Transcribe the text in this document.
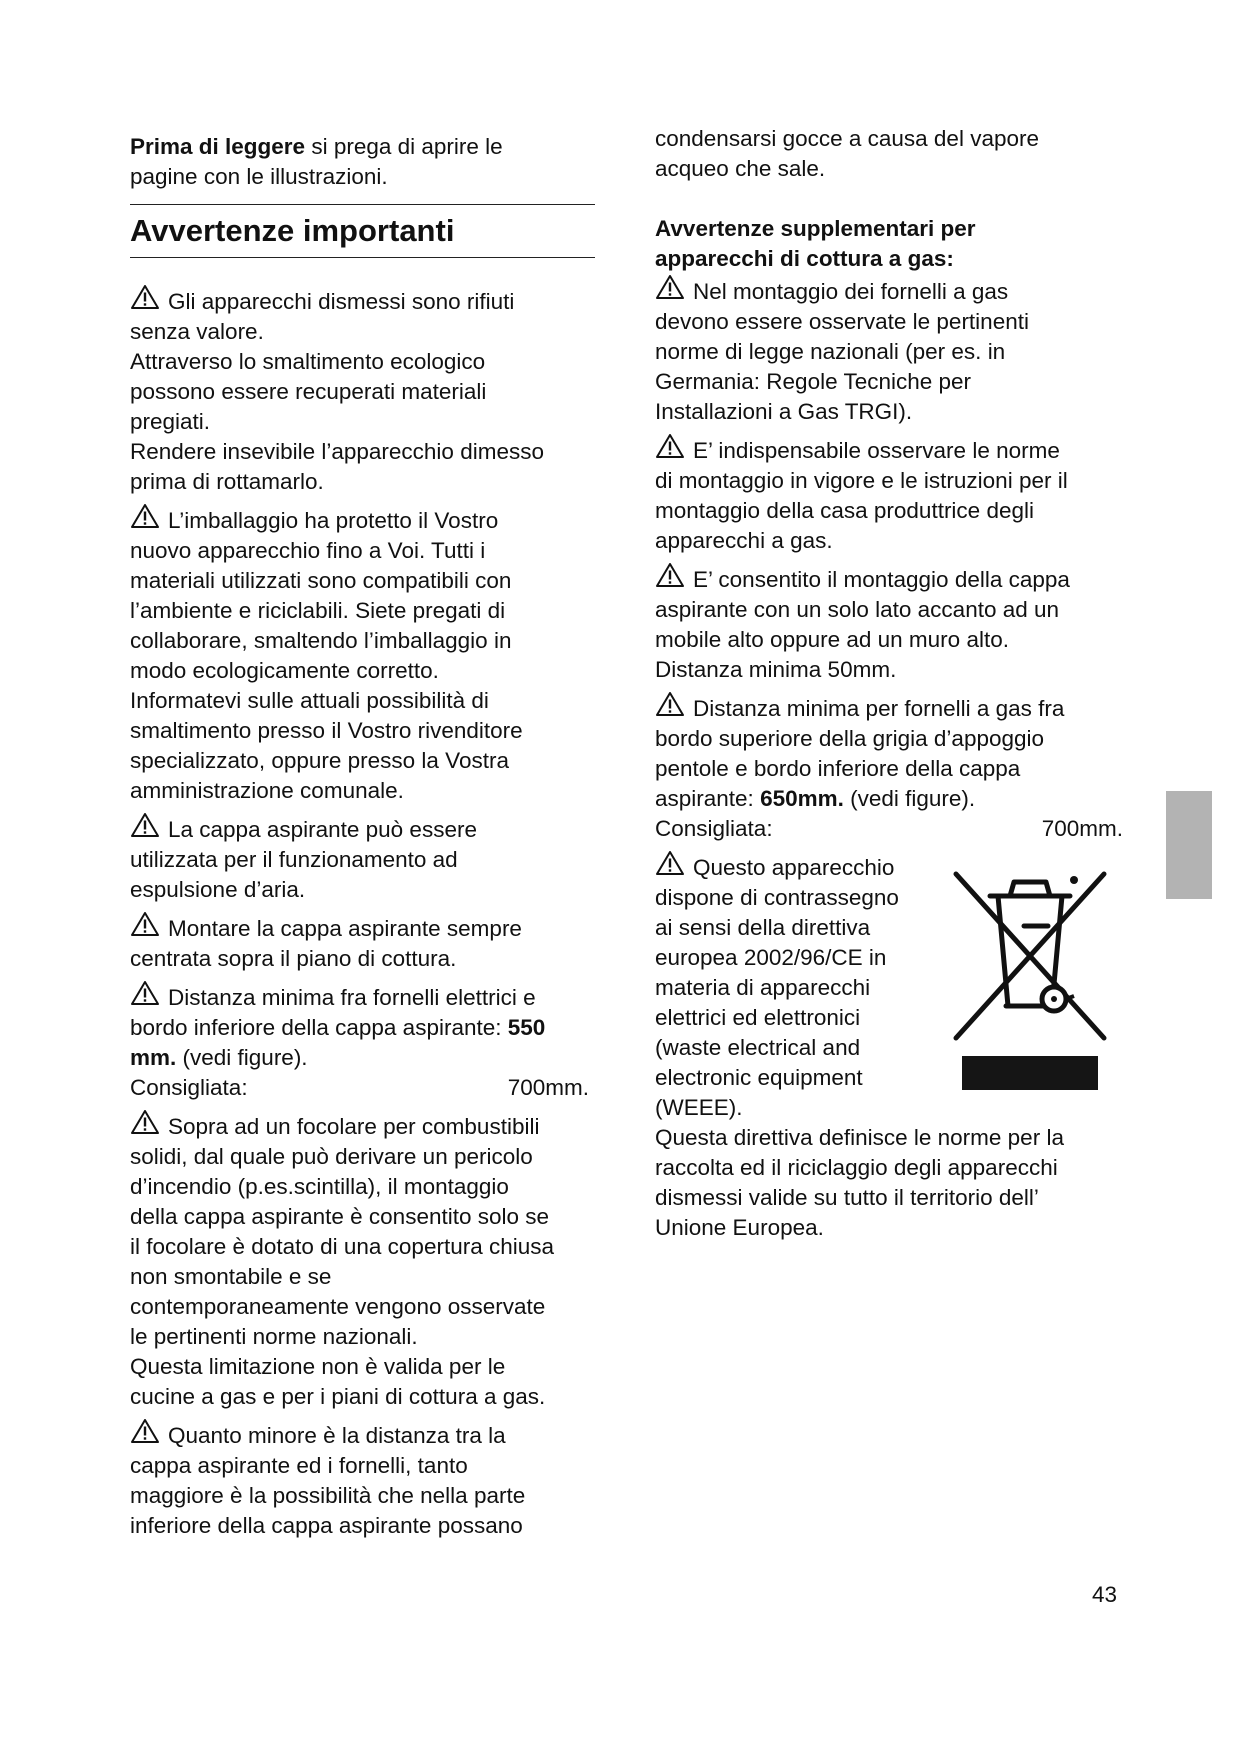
Prima di leggere si prega di aprire le

pagine con le illustrazioni.

Avvertenze importanti

Gli apparecchi dismessi sono rifiuti

senza valore.

Attraverso lo smaltimento ecologico

possono essere recuperati materiali

pregiati.

Rendere insevibile l’apparecchio dimesso

prima di rottamarlo.

L’imballaggio ha protetto il Vostro

nuovo apparecchio fino a Voi. Tutti i

materiali utilizzati sono compatibili con

l’ambiente e riciclabili. Siete pregati di

collaborare, smaltendo l’imballaggio in

modo ecologicamente corretto.

Informatevi sulle attuali possibilità di

smaltimento presso il Vostro rivenditore

specializzato, oppure presso la Vostra

amministrazione comunale.

La cappa aspirante può essere

utilizzata per il funzionamento ad

espulsione d’aria.

Montare la cappa aspirante sempre

centrata sopra il piano di cottura.

Distanza minima fra fornelli elettrici e

bordo inferiore della cappa aspirante: 550

mm. (vedi figure).

Consigliata:	700mm.

Sopra ad un focolare per combustibili

solidi, dal quale può derivare un pericolo

d’incendio (p.es.scintilla), il montaggio

della cappa aspirante è consentito solo se

il focolare è dotato di una copertura chiusa

non smontabile e se

contemporaneamente vengono osservate

le pertinenti norme nazionali.

Questa limitazione non è valida per le

cucine a gas e per i piani di cottura a gas.

Quanto minore è la distanza tra la

cappa aspirante ed i fornelli, tanto

maggiore è la possibilità che nella parte

inferiore della cappa aspirante possano

condensarsi gocce a causa del vapore

acqueo che sale.

Avvertenze supplementari per

apparecchi di cottura a gas:

Nel montaggio dei fornelli a gas

devono essere osservate le pertinenti

norme di legge nazionali (per es. in

Germania: Regole Tecniche per

Installazioni a Gas TRGI).

E’ indispensabile osservare le norme

di montaggio in vigore e le istruzioni per il

montaggio della casa produttrice degli

apparecchi a gas.

E’ consentito il montaggio della cappa

aspirante con un solo lato accanto ad un

mobile alto oppure ad un muro alto.

Distanza minima 50mm.

Distanza minima per fornelli a gas fra

bordo superiore della grigia d’appoggio

pentole e bordo inferiore della cappa

aspirante: 650mm. (vedi figure).

Consigliata:	700mm.

Questo apparecchio

dispone di contrassegno

ai sensi della direttiva

europea 2002/96/CE in

materia di apparecchi

elettrici ed elettronici

(waste electrical and

electronic equipment

(WEEE).

Questa direttiva definisce le norme per la

raccolta ed il riciclaggio degli apparecchi

dismessi valide su tutto il territorio dell’

Unione Europea.

43
